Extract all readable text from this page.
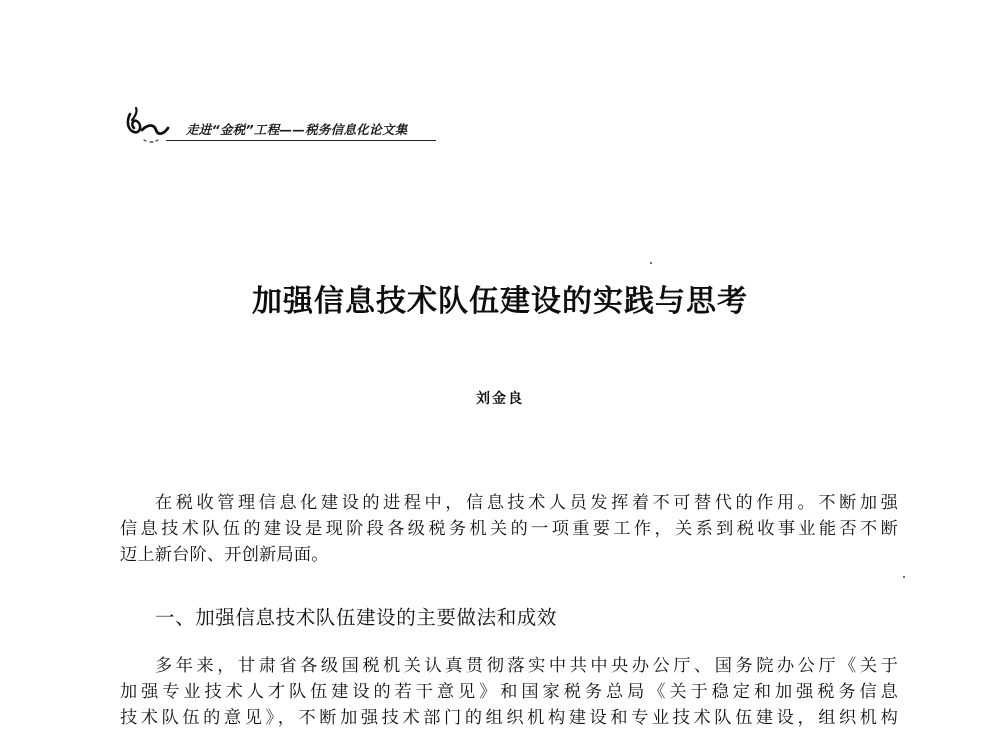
走进“金税”工程——税务信息化论文集
加强信息技术队伍建设的实践与思考
刘金良
在税收管理信息化建设的进程中，信息技术人员发挥着不可替代的作用。不断加强
信息技术队伍的建设是现阶段各级税务机关的一项重要工作，关系到税收事业能否不断
迈上新台阶、开创新局面。
一、加强信息技术队伍建设的主要做法和成效
多年来，甘肃省各级国税机关认真贯彻落实中共中央办公厅、国务院办公厅《关于
加强专业技术人才队伍建设的若干意见》和国家税务总局《关于稳定和加强税务信息
技术队伍的意见》，不断加强技术部门的组织机构建设和专业技术队伍建设，组织机构
